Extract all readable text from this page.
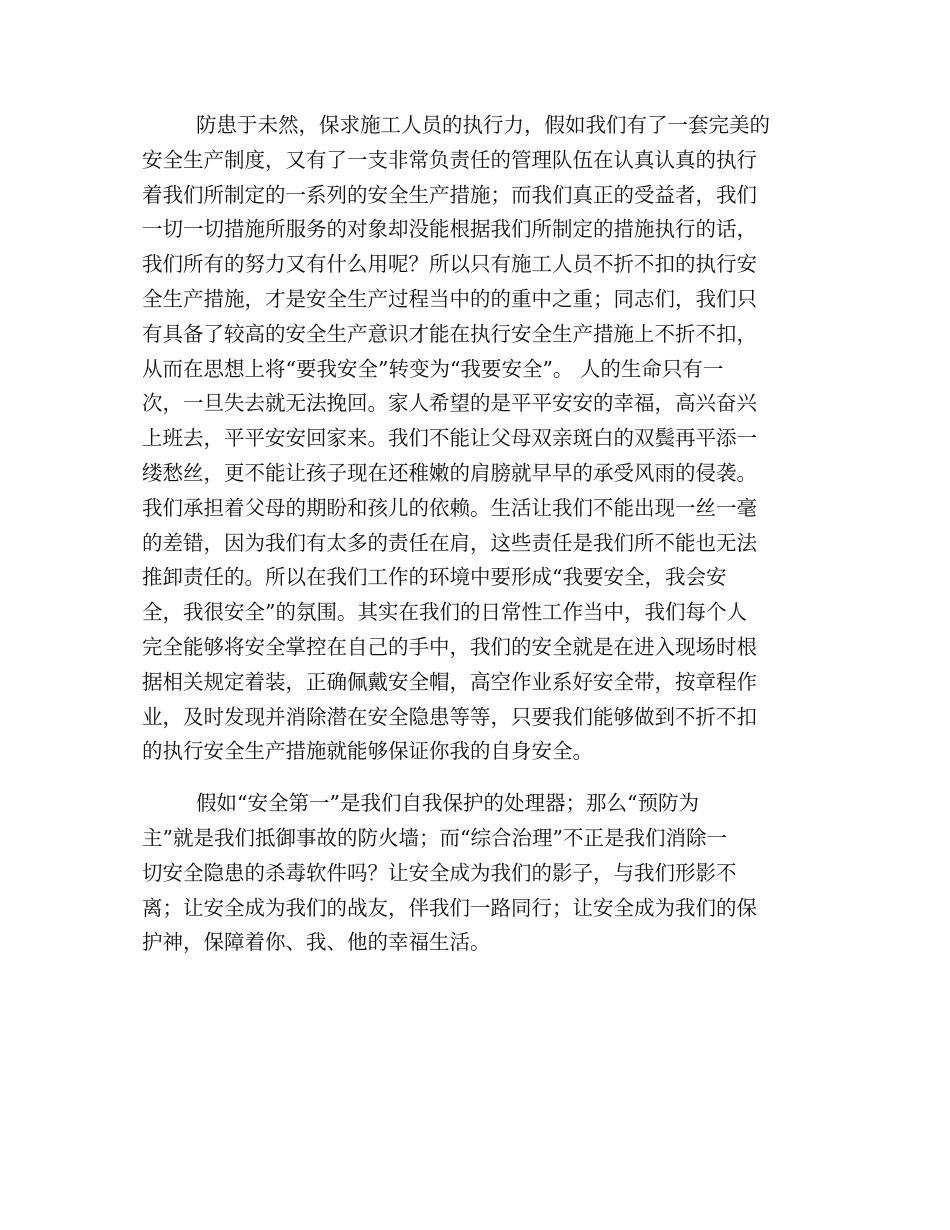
防患于未然，保求施工人员的执行力，假如我们有了一套完美的
安全生产制度，又有了一支非常负责任的管理队伍在认真认真的执行
着我们所制定的一系列的安全生产措施；而我们真正的受益者，我们
一切一切措施所服务的对象却没能根据我们所制定的措施执行的话，
我们所有的努力又有什么用呢？所以只有施工人员不折不扣的执行安
全生产措施，才是安全生产过程当中的的重中之重；同志们，我们只
有具备了较高的安全生产意识才能在执行安全生产措施上不折不扣，
从而在思想上将“要我安全”转变为“我要安全”。 人的生命只有一
次，一旦失去就无法挽回。家人希望的是平平安安的幸福，高兴奋兴
上班去，平平安安回家来。我们不能让父母双亲斑白的双鬓再平添一
缕愁丝，更不能让孩子现在还稚嫩的肩膀就早早的承受风雨的侵袭。
我们承担着父母的期盼和孩儿的依赖。生活让我们不能出现一丝一毫
的差错，因为我们有太多的责任在肩，这些责任是我们所不能也无法
推卸责任的。所以在我们工作的环境中要形成“我要安全，我会安
全，我很安全”的氛围。其实在我们的日常性工作当中，我们每个人
完全能够将安全掌控在自己的手中，我们的安全就是在进入现场时根
据相关规定着装，正确佩戴安全帽，高空作业系好安全带，按章程作
业，及时发现并消除潜在安全隐患等等，只要我们能够做到不折不扣
的执行安全生产措施就能够保证你我的自身安全。

假如“安全第一”是我们自我保护的处理器；那么“预防为
主”就是我们抵御事故的防火墙；而“综合治理”不正是我们消除一
切安全隐患的杀毒软件吗？让安全成为我们的影子，与我们形影不
离；让安全成为我们的战友，伴我们一路同行；让安全成为我们的保
护神，保障着你、我、他的幸福生活。
